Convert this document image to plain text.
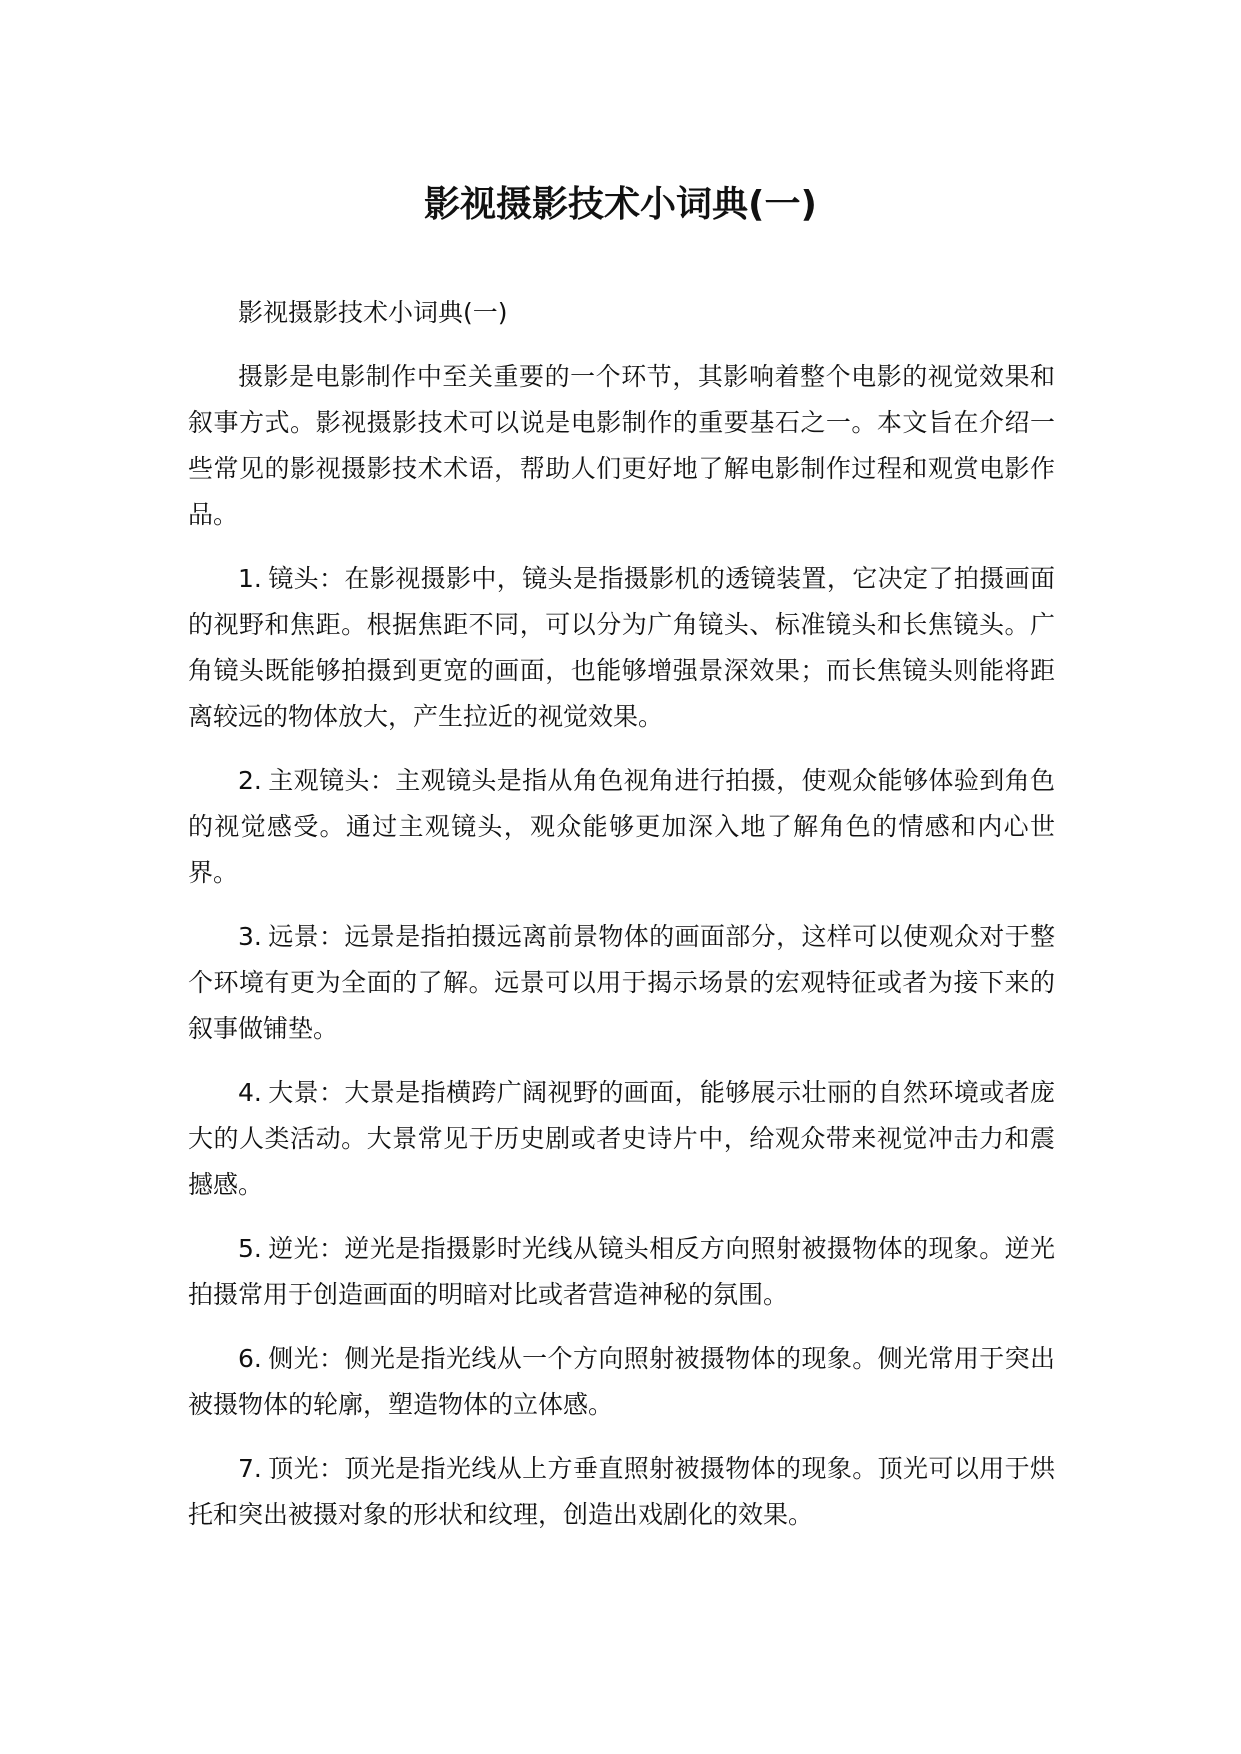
影视摄影技术小词典(一)

影视摄影技术小词典(一)

摄影是电影制作中至关重要的一个环节，其影响着整个电影的视觉效果和叙事方式。影视摄影技术可以说是电影制作的重要基石之一。本文旨在介绍一些常见的影视摄影技术术语，帮助人们更好地了解电影制作过程和观赏电影作品。

1. 镜头：在影视摄影中，镜头是指摄影机的透镜装置，它决定了拍摄画面的视野和焦距。根据焦距不同，可以分为广角镜头、标准镜头和长焦镜头。广角镜头既能够拍摄到更宽的画面，也能够增强景深效果；而长焦镜头则能将距离较远的物体放大，产生拉近的视觉效果。

2. 主观镜头：主观镜头是指从角色视角进行拍摄，使观众能够体验到角色的视觉感受。通过主观镜头，观众能够更加深入地了解角色的情感和内心世界。

3. 远景：远景是指拍摄远离前景物体的画面部分，这样可以使观众对于整个环境有更为全面的了解。远景可以用于揭示场景的宏观特征或者为接下来的叙事做铺垫。

4. 大景：大景是指横跨广阔视野的画面，能够展示壮丽的自然环境或者庞大的人类活动。大景常见于历史剧或者史诗片中，给观众带来视觉冲击力和震撼感。

5. 逆光：逆光是指摄影时光线从镜头相反方向照射被摄物体的现象。逆光拍摄常用于创造画面的明暗对比或者营造神秘的氛围。

6. 侧光：侧光是指光线从一个方向照射被摄物体的现象。侧光常用于突出被摄物体的轮廓，塑造物体的立体感。

7. 顶光：顶光是指光线从上方垂直照射被摄物体的现象。顶光可以用于烘托和突出被摄对象的形状和纹理，创造出戏剧化的效果。
